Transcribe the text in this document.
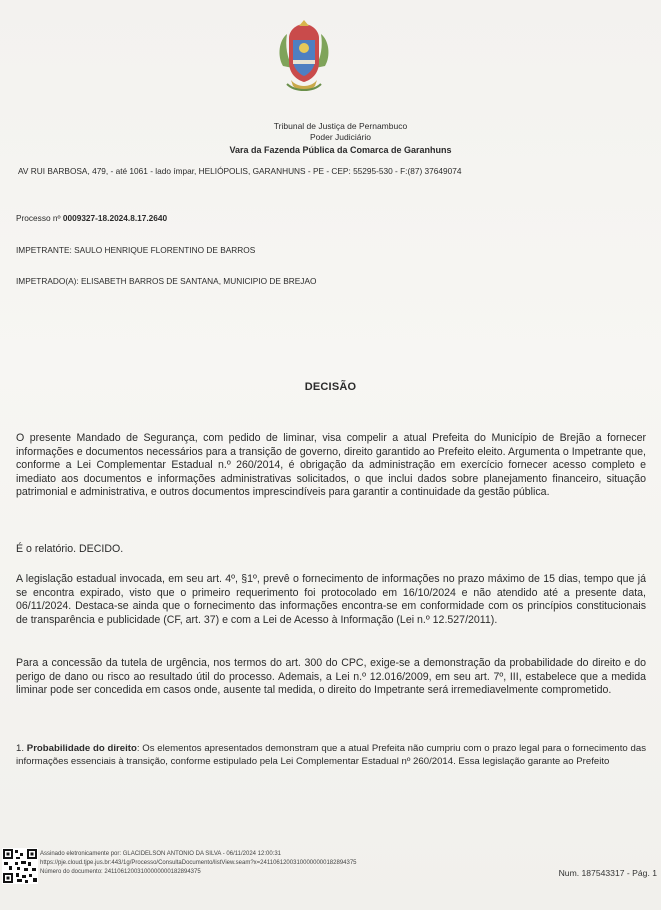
Tribunal de Justiça de Pernambuco
Poder Judiciário
Vara da Fazenda Pública da Comarca de Garanhuns
AV RUI BARBOSA, 479, - até 1061 - lado ímpar, HELIÓPOLIS, GARANHUNS - PE - CEP: 55295-530 - F:(87) 37649074
Processo nº 0009327-18.2024.8.17.2640
IMPETRANTE: SAULO HENRIQUE FLORENTINO DE BARROS
IMPETRADO(A): ELISABETH BARROS DE SANTANA, MUNICIPIO DE BREJAO
DECISÃO

O presente Mandado de Segurança, com pedido de liminar, visa compelir a atual Prefeita do Município de Brejão a fornecer informações e documentos necessários para a transição de governo, direito garantido ao Prefeito eleito. Argumenta o Impetrante que, conforme a Lei Complementar Estadual n.º 260/2014, é obrigação da administração em exercício fornecer acesso completo e imediato aos documentos e informações administrativas solicitados, o que inclui dados sobre planejamento financeiro, situação patrimonial e administrativa, e outros documentos imprescindíveis para garantir a continuidade da gestão pública.

É o relatório. DECIDO.

A legislação estadual invocada, em seu art. 4º, §1º, prevê o fornecimento de informações no prazo máximo de 15 dias, tempo que já se encontra expirado, visto que o primeiro requerimento foi protocolado em 16/10/2024 e não atendido até a presente data, 06/11/2024. Destaca-se ainda que o fornecimento das informações encontra-se em conformidade com os princípios constitucionais de transparência e publicidade (CF, art. 37) e com a Lei de Acesso à Informação (Lei n.º 12.527/2011).

Para a concessão da tutela de urgência, nos termos do art. 300 do CPC, exige-se a demonstração da probabilidade do direito e do perigo de dano ou risco ao resultado útil do processo. Ademais, a Lei n.º 12.016/2009, em seu art. 7º, III, estabelece que a medida liminar pode ser concedida em casos onde, ausente tal medida, o direito do Impetrante será irremediavelmente comprometido.

1. Probabilidade do direito: Os elementos apresentados demonstram que a atual Prefeita não cumpriu com o prazo legal para o fornecimento das informações essenciais à transição, conforme estipulado pela Lei Complementar Estadual nº 260/2014. Essa legislação garante ao Prefeito

Assinado eletronicamente por: GLACIDELSON ANTONIO DA SILVA - 06/11/2024 12:00:31
https://pje.cloud.tjpe.jus.br:443/1g/Processo/ConsultaDocumento/listView.seam?x=24110612003100000000182894375
Número do documento: 24110612003100000000182894375	Num. 187543317 - Pág. 1
